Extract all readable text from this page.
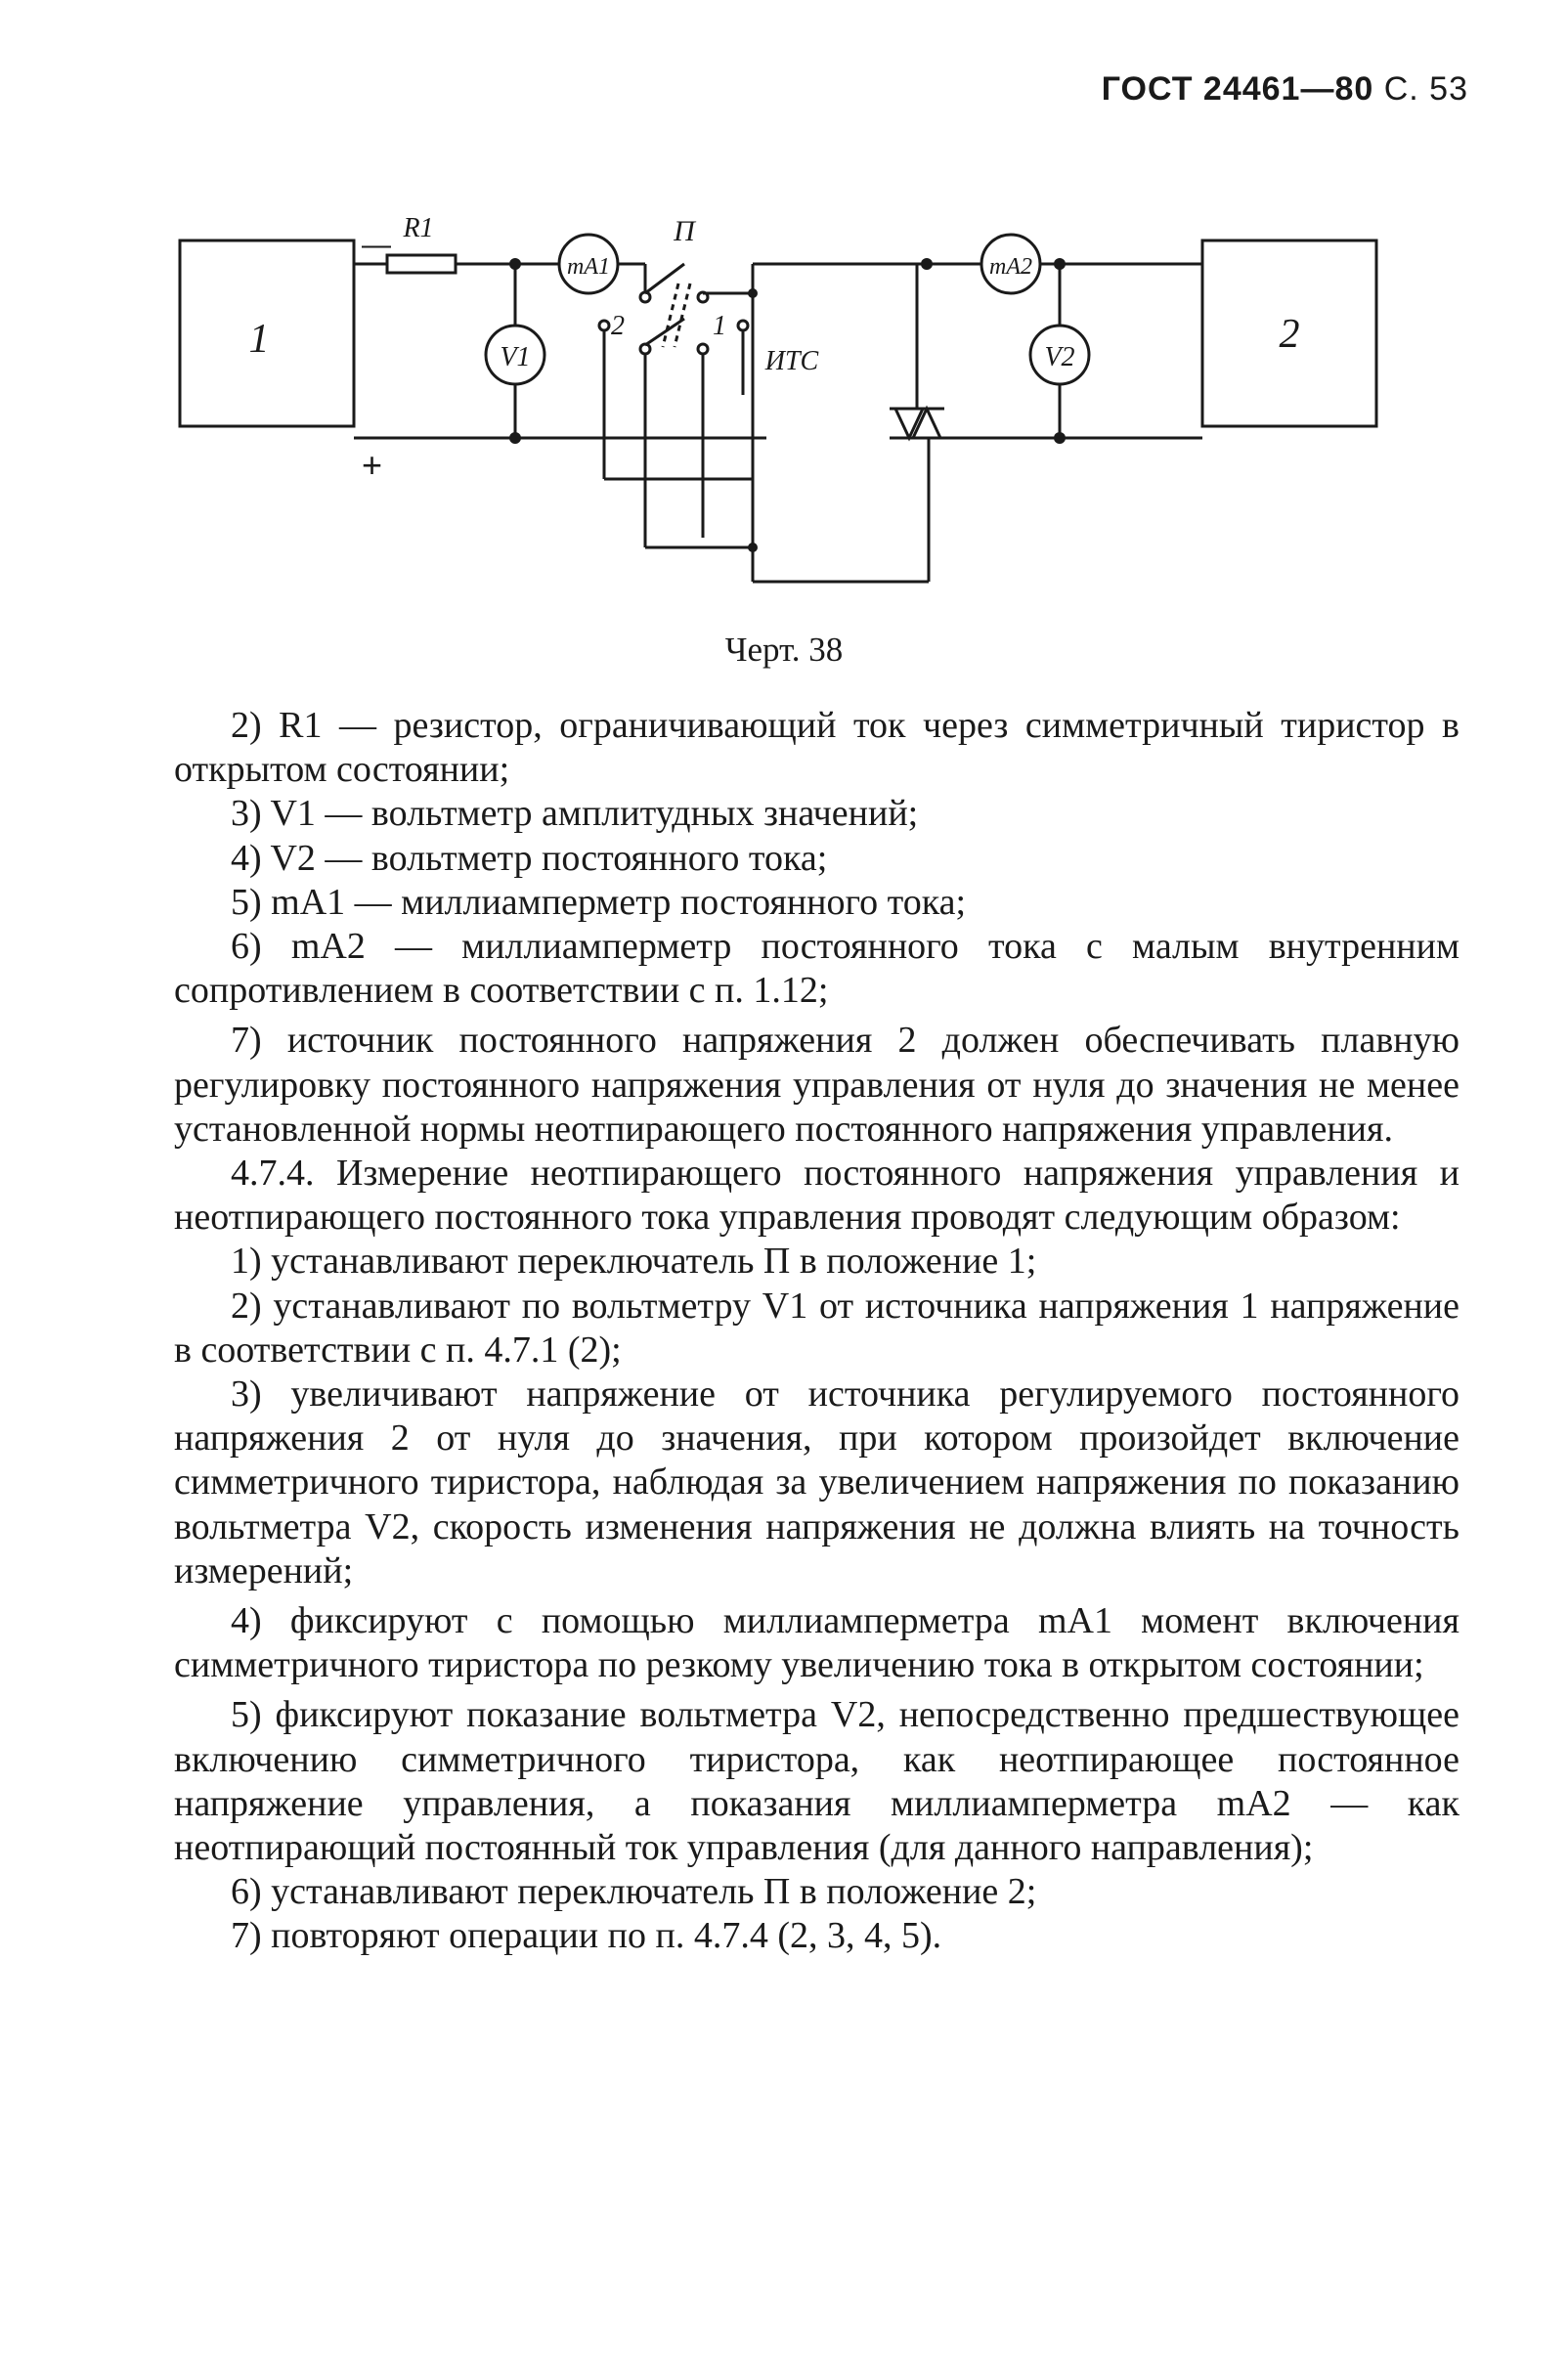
ГОСТ 24461—80 С. 53
1	2
R1
mA1	mA2
V1	V2
П
1
2
ИТС
—
+
Черт. 38

2) R1 — резистор, ограничивающий ток через симметричный тиристор в открытом состоянии;

3) V1 — вольтметр амплитудных значений;

4) V2 — вольтметр постоянного тока;

5) mA1 — миллиамперметр постоянного тока;

6) mA2 — миллиамперметр постоянного тока с малым внутренним сопротивлением в соответствии с п. 1.12;

7) источник постоянного напряжения 2 должен обеспечивать плавную регулировку постоянного напряжения управления от нуля до значения не менее установленной нормы неотпирающего постоянного напряжения управления.

4.7.4. Измерение неотпирающего постоянного напряжения управления и неотпирающего постоянного тока управления проводят следующим образом:

1) устанавливают переключатель П в положение 1;

2) устанавливают по вольтметру V1 от источника напряжения 1 напряжение в соответствии с п. 4.7.1 (2);

3) увеличивают напряжение от источника регулируемого постоянного напряжения 2 от нуля до значения, при котором произойдет включение симметричного тиристора, наблюдая за увеличением напряжения по показанию вольтметра V2, скорость изменения напряжения не должна влиять на точность измерений;

4) фиксируют с помощью миллиамперметра mA1 момент включения симметричного тиристора по резкому увеличению тока в открытом состоянии;

5) фиксируют показание вольтметра V2, непосредственно предшествующее включению симметричного тиристора, как неотпирающее постоянное напряжение управления, а показания миллиамперметра mA2 — как неотпирающий постоянный ток управления (для данного направления);

6) устанавливают переключатель П в положение 2;

7) повторяют операции по п. 4.7.4 (2, 3, 4, 5).
